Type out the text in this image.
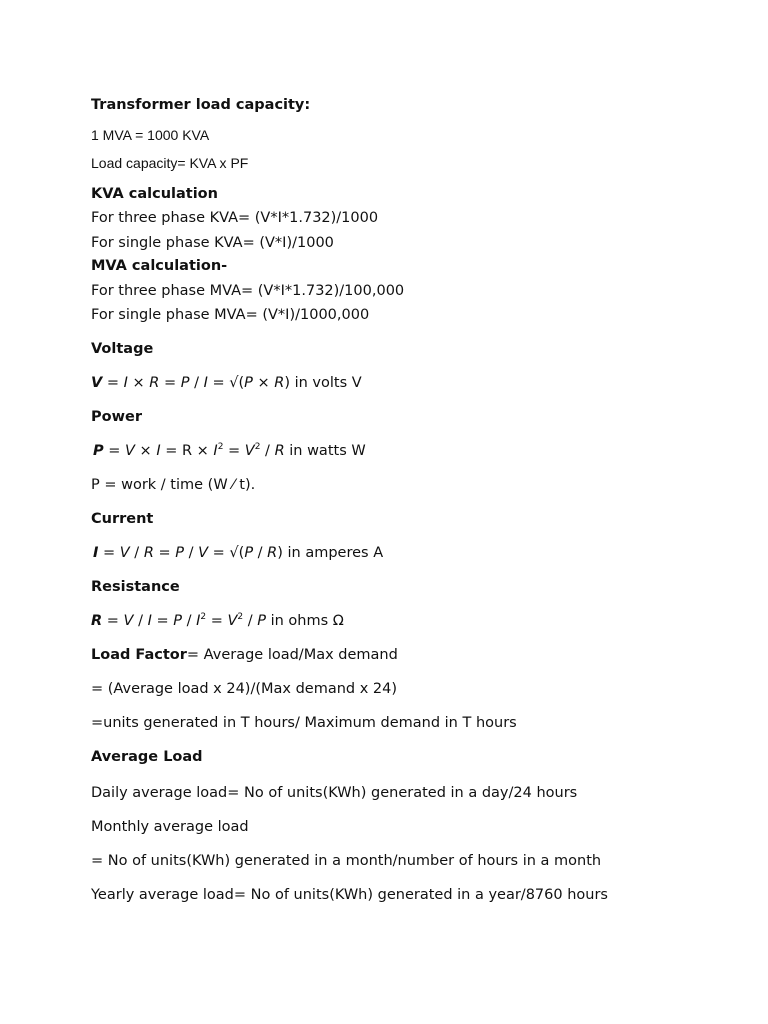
Transformer load capacity:
1 MVA = 1000 KVA
Load capacity= KVA x PF
KVA calculation
For three phase KVA= (V*I*1.732)/1000
For single phase KVA= (V*I)/1000
MVA calculation-
For three phase MVA= (V*I*1.732)/100,000
For single phase MVA= (V*I)/1000,000
Voltage
V = I × R = P / I = √(P × R) in volts V
Power
$P = V \times I = R \times I^2 = V^2 / R$ in watts W
P = work / time (W ⁄ t).
Current
I = V / R = P / V = √(P / R) in amperes A
Resistance
$R = V / I = P / I^2 = V^2 / P$ in ohms Ω
Load Factor= Average load/Max demand
= (Average load x 24)/(Max demand x 24)
=units generated in T hours/ Maximum demand in T hours
Average Load
Daily average load= No of units(KWh) generated in a day/24 hours
Monthly average load
= No of units(KWh) generated in a month/number of hours in a month
Yearly average load= No of units(KWh) generated in a year/8760 hours
